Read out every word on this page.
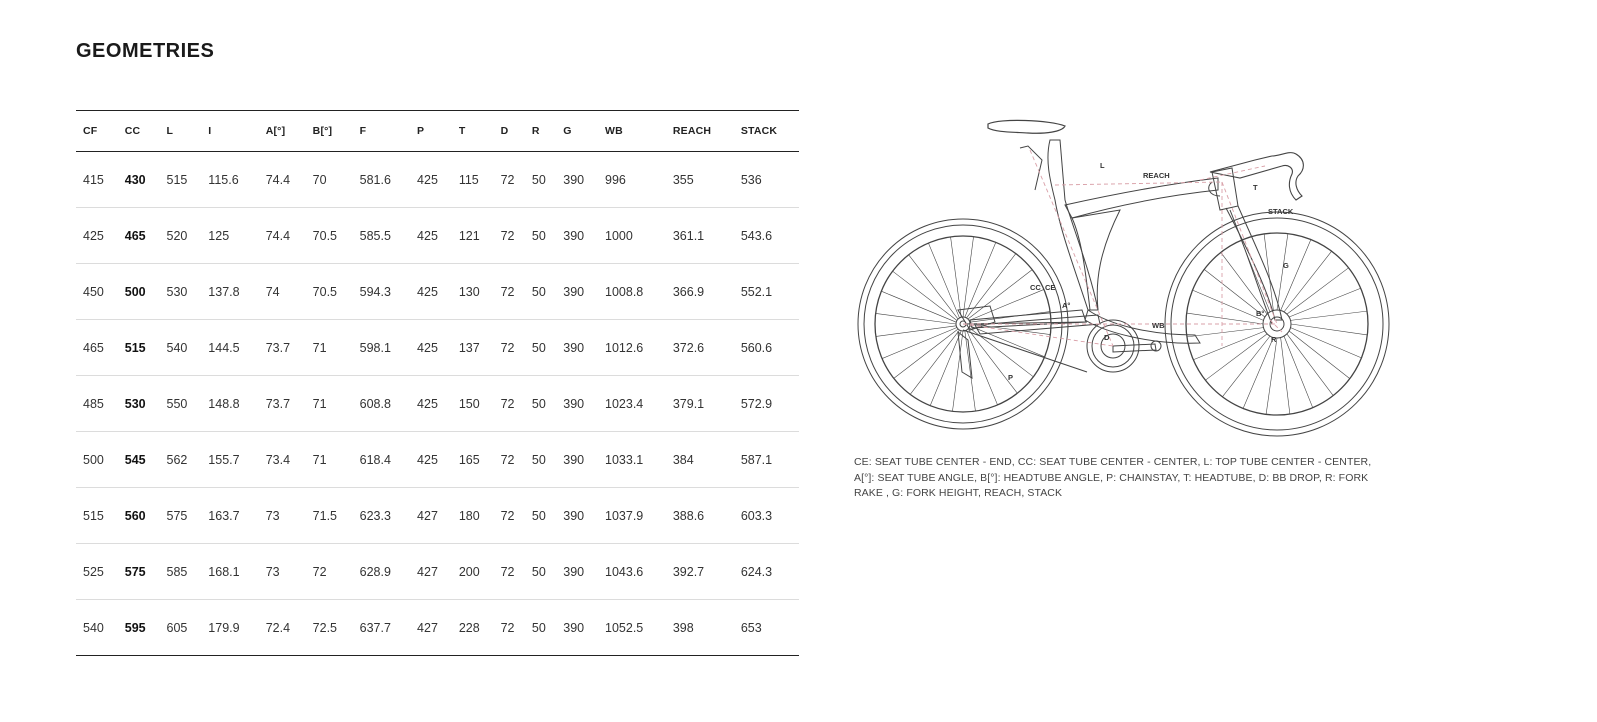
GEOMETRIES
CF	CC	L	I	A[°]	B[°]	F	P	T	D	R	G	WB	REACH	STACK
415	430	515	115.6	74.4	70	581.6	425	115	72	50	390	996	355	536
425	465	520	125	74.4	70.5	585.5	425	121	72	50	390	1000	361.1	543.6
450	500	530	137.8	74	70.5	594.3	425	130	72	50	390	1008.8	366.9	552.1
465	515	540	144.5	73.7	71	598.1	425	137	72	50	390	1012.6	372.6	560.6
485	530	550	148.8	73.7	71	608.8	425	150	72	50	390	1023.4	379.1	572.9
500	545	562	155.7	73.4	71	618.4	425	165	72	50	390	1033.1	384	587.1
515	560	575	163.7	73	71.5	623.3	427	180	72	50	390	1037.9	388.6	603.3
525	575	585	168.1	73	72	628.9	427	200	72	50	390	1043.6	392.7	624.3
540	595	605	179.9	72.4	72.5	637.7	427	228	72	50	390	1052.5	398	653
L
REACH
T
STACK
G
CC CE
A°
WB
B°
R
D
P

CE: SEAT TUBE CENTER - END, CC: SEAT TUBE CENTER - CENTER, L: TOP TUBE CENTER - CENTER, A[°]: SEAT TUBE ANGLE, B[°]: HEADTUBE ANGLE, P: CHAINSTAY, T: HEADTUBE, D: BB DROP, R: FORK RAKE , G: FORK HEIGHT, REACH, STACK
